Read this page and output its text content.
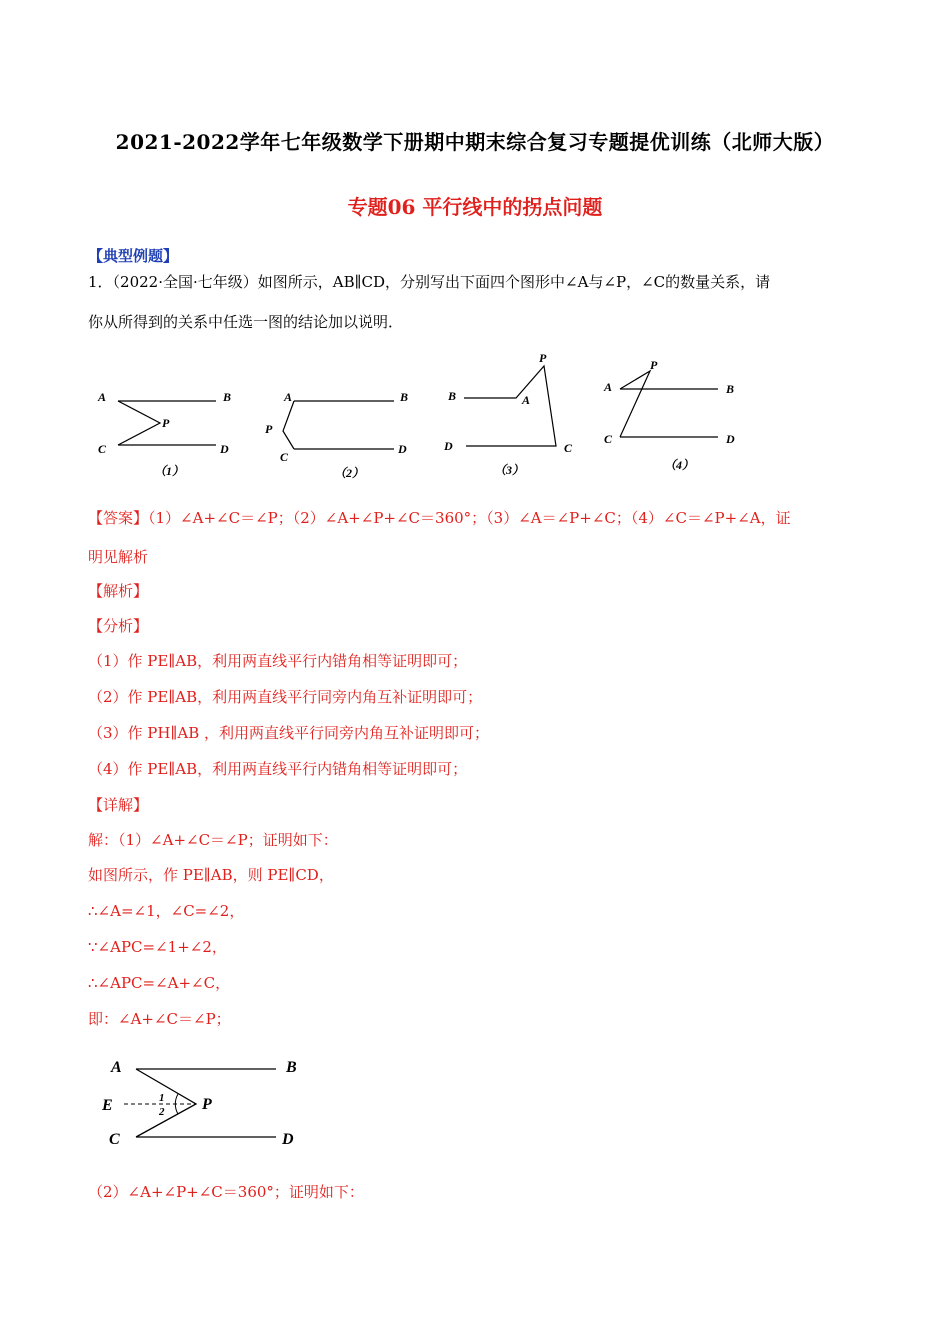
2021-2022学年七年级数学下册期中期末综合复习专题提优训练（北师大版）
专题06 平行线中的拐点问题
【典型例题】
1．（2022·全国·七年级）如图所示，AB∥CD，分别写出下面四个图形中∠A与∠P，∠C的数量关系，请
你从所得到的关系中任选一图的结论加以说明．
A	B
P
C	D
（1）
A	B
P
C
D
（2）
P
B	A
D	C
（3）
P
A	B
C	D
（4）
【答案】（1）∠A+∠C＝∠P；（2）∠A+∠P+∠C＝360°；（3）∠A＝∠P+∠C；（4）∠C＝∠P+∠A，证
明见解析
【解析】
【分析】
（1）作 PE∥AB，利用两直线平行内错角相等证明即可；
（2）作 PE∥AB，利用两直线平行同旁内角互补证明即可；
（3）作 PH∥AB ，利用两直线平行同旁内角互补证明即可；
（4）作 PE∥AB，利用两直线平行内错角相等证明即可；
【详解】
解：（1）∠A+∠C＝∠P；证明如下：
如图所示，作 PE∥AB，则 PE∥CD，
∴∠A=∠1，∠C=∠2，
∵∠APC=∠1+∠2，
∴∠APC=∠A+∠C，
即：∠A+∠C＝∠P；
A	B
E	P
C	D
1
2
（2）∠A+∠P+∠C＝360°；证明如下：
